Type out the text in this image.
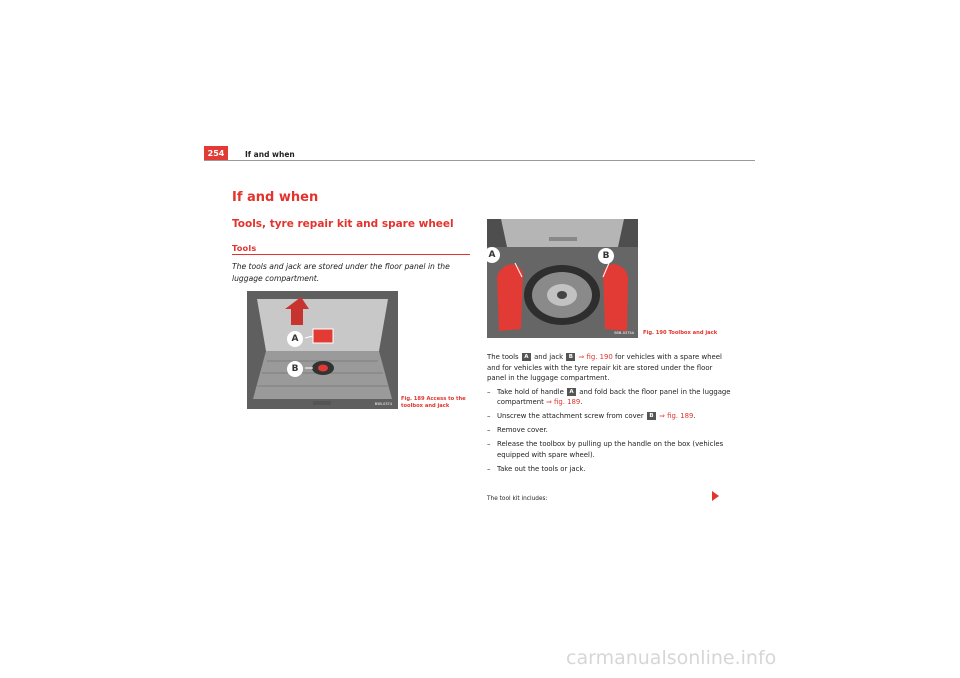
254	If and when
If and when
Tools, tyre repair kit and spare wheel
Tools
The tools and jack are stored under the floor panel in the luggage compartment.
A
B
B5B-0374
Fig. 189 Access to the toolbox and jack
A	B
B5B-0375A Fig. 190 Toolbox and jack

The tools A and jack B ⇒ fig. 190 for vehicles with a spare wheel and for vehicles with the tyre repair kit are stored under the floor panel in the luggage compartment.

– Take hold of handle A and fold back the floor panel in the luggage compartment ⇒ fig. 189.
– Unscrew the attachment screw from cover B ⇒ fig. 189.
– Remove cover.
– Release the toolbox by pulling up the handle on the box (vehicles equipped with spare wheel).
– Take out the tools or jack.
The tool kit includes:
carmanualsonline.info
